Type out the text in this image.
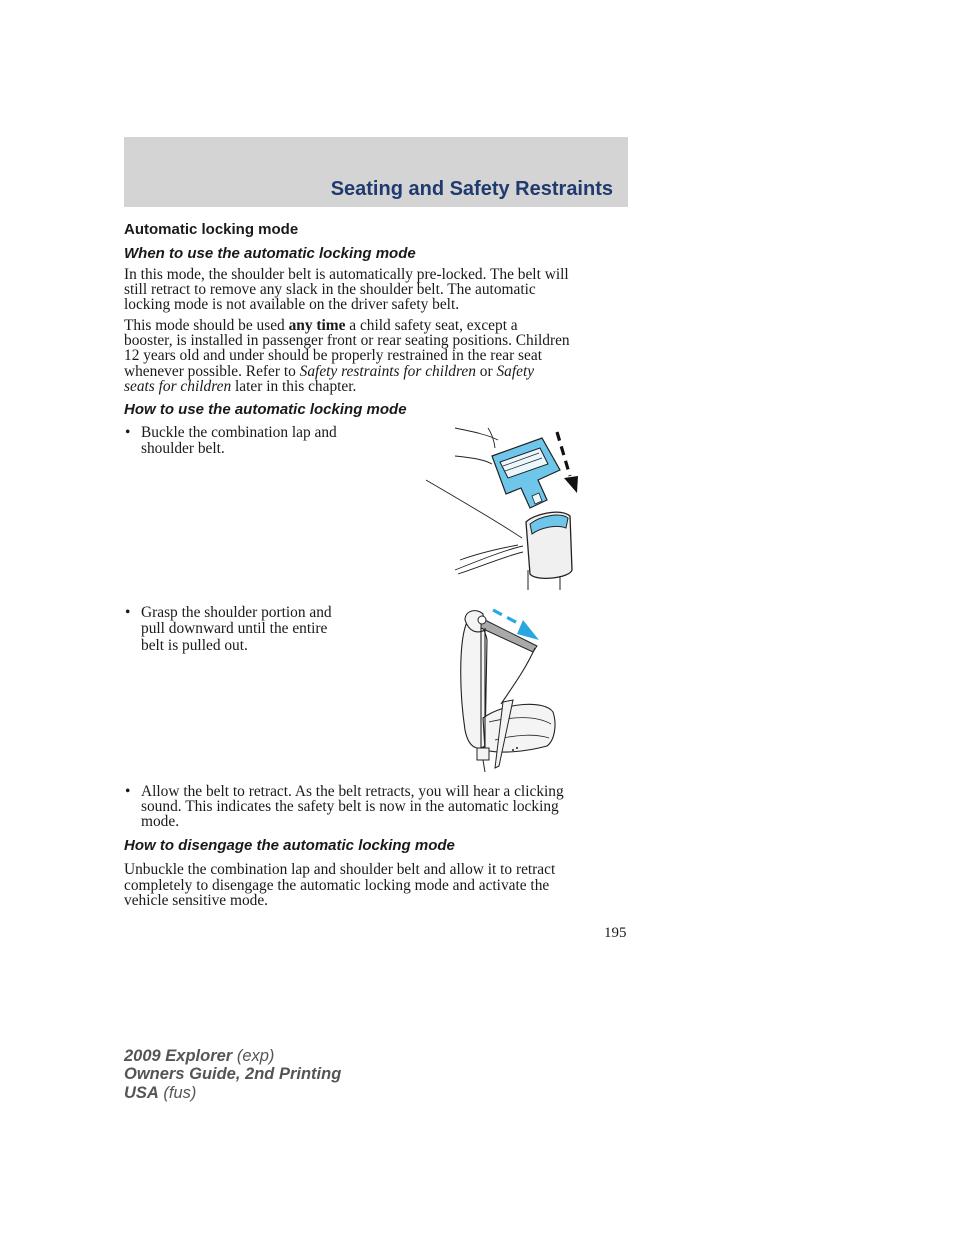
Seating and Safety Restraints
Automatic locking mode
When to use the automatic locking mode
In this mode, the shoulder belt is automatically pre-locked. The belt will
still retract to remove any slack in the shoulder belt. The automatic
locking mode is not available on the driver safety belt.
This mode should be used any time a child safety seat, except a
booster, is installed in passenger front or rear seating positions. Children
12 years old and under should be properly restrained in the rear seat
whenever possible. Refer to Safety restraints for children or Safety
seats for children later in this chapter.
How to use the automatic locking mode
• Buckle the combination lap and
shoulder belt.
• Grasp the shoulder portion and
pull downward until the entire
belt is pulled out.
• Allow the belt to retract. As the belt retracts, you will hear a clicking
sound. This indicates the safety belt is now in the automatic locking
mode.
How to disengage the automatic locking mode
Unbuckle the combination lap and shoulder belt and allow it to retract
completely to disengage the automatic locking mode and activate the
vehicle sensitive mode.
195
2009 Explorer (exp)
Owners Guide, 2nd Printing
USA (fus)
